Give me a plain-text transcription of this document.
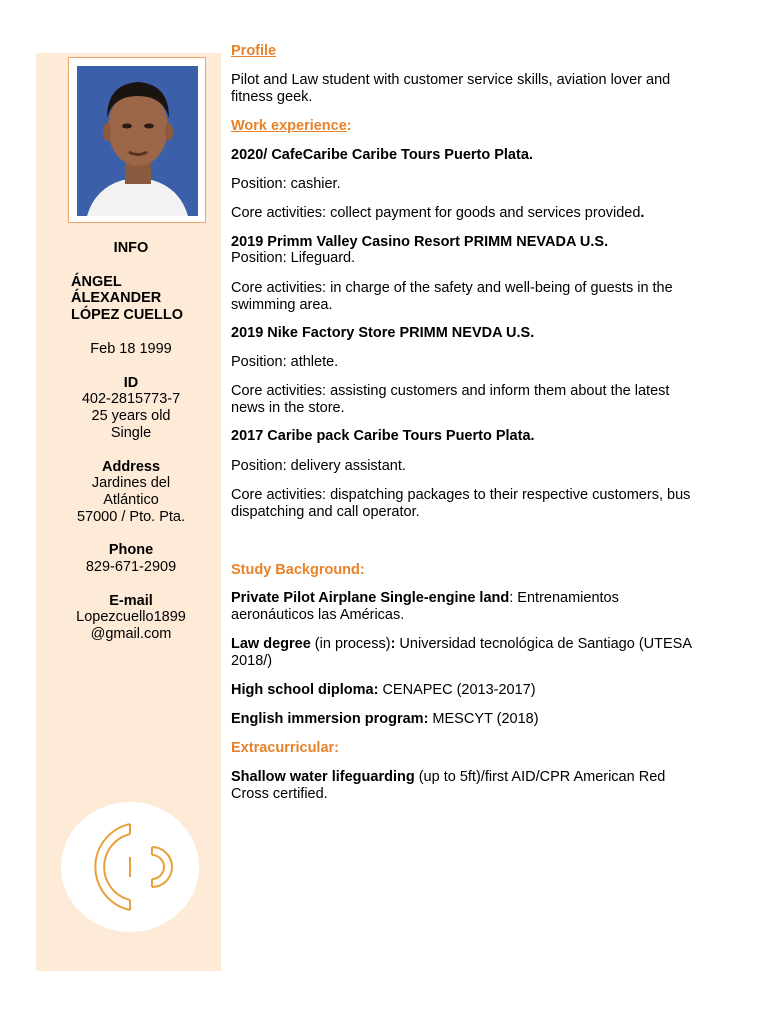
INFO
ÁNGEL
ÁLEXANDER
LÓPEZ CUELLO
Feb 18 1999
ID
402-2815773-7
25 years old
Single
Address
Jardines del
Atlántico
57000 / Pto. Pta.
Phone
829-671-2909
E-mail
Lopezcuello1899
@gmail.com
Profile
Pilot and Law student with customer service skills, aviation lover and fitness geek.
Work experience:
2020/ CafeCaribe Caribe Tours Puerto Plata.
Position: cashier.
Core activities: collect payment for goods and services provided.
2019 Primm Valley Casino Resort PRIMM NEVADA U.S.
Position: Lifeguard.
Core activities: in charge of the safety and well-being of guests in the swimming area.
2019 Nike Factory Store PRIMM NEVDA U.S.
Position: athlete.
Core activities: assisting customers and inform them about the latest news in the store.
2017 Caribe pack Caribe Tours Puerto Plata.
Position: delivery assistant.
Core activities: dispatching packages to their respective customers, bus dispatching and call operator.
Study Background:
Private Pilot Airplane Single-engine land: Entrenamientos aeronáuticos las Américas.
Law degree (in process): Universidad tecnológica de Santiago (UTESA 2018/)
High school diploma: CENAPEC (2013-2017)
English immersion program: MESCYT (2018)
Extracurricular:
Shallow water lifeguarding (up to 5ft)/first AID/CPR American Red Cross certified.
